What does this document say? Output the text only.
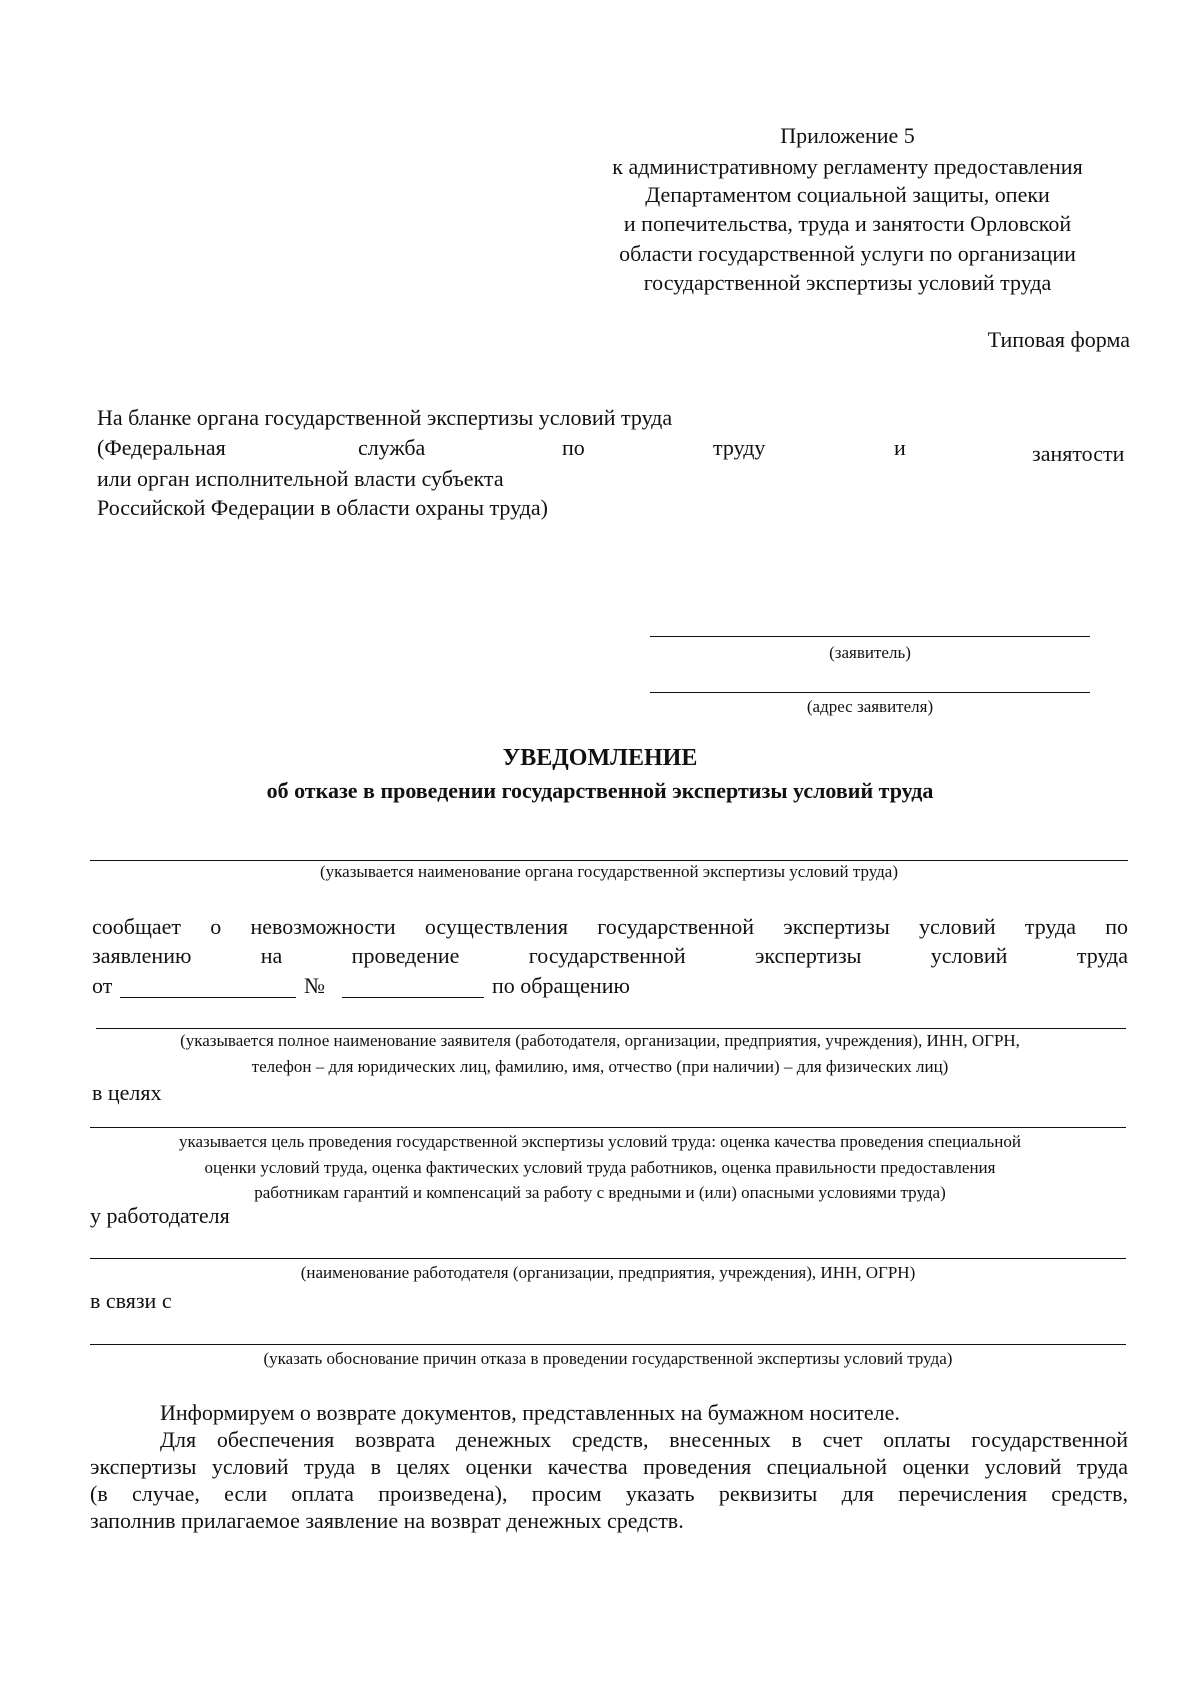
Приложение 5
к административному регламенту предоставления
Департаментом социальной защиты, опеки
и попечительства, труда и занятости Орловской
области государственной услуги по организации
государственной экспертизы условий труда
Типовая форма
На бланке органа государственной экспертизы условий труда
(Федеральная	служба	по	труду	и	занятости
или орган исполнительной власти субъекта
Российской Федерации в области охраны труда)
(заявитель)
(адрес заявителя)
УВЕДОМЛЕНИЕ
об отказе в проведении государственной экспертизы условий труда
(указывается наименование органа государственной экспертизы условий труда)
сообщает о невозможности осуществления государственной экспертизы условий труда по
заявлению на проведение государственной экспертизы условий труда
от	№	по обращению
(указывается полное наименование заявителя (работодателя, организации, предприятия, учреждения), ИНН, ОГРН,
телефон – для юридических лиц, фамилию, имя, отчество (при наличии) – для физических лиц)
в целях
указывается цель проведения государственной экспертизы условий труда: оценка качества проведения специальной
оценки условий труда, оценка фактических условий труда работников, оценка правильности предоставления
работникам гарантий и компенсаций за работу с вредными и (или) опасными условиями труда)
у работодателя
(наименование работодателя (организации, предприятия, учреждения), ИНН, ОГРН)
в связи с
(указать обоснование причин отказа в проведении государственной экспертизы условий труда)
Информируем о возврате документов, представленных на бумажном носителе.
Для обеспечения возврата денежных средств, внесенных в счет оплаты государственной
экспертизы условий труда в целях оценки качества проведения специальной оценки условий труда
(в случае, если оплата произведена), просим указать реквизиты для перечисления средств,
заполнив прилагаемое заявление на возврат денежных средств.
